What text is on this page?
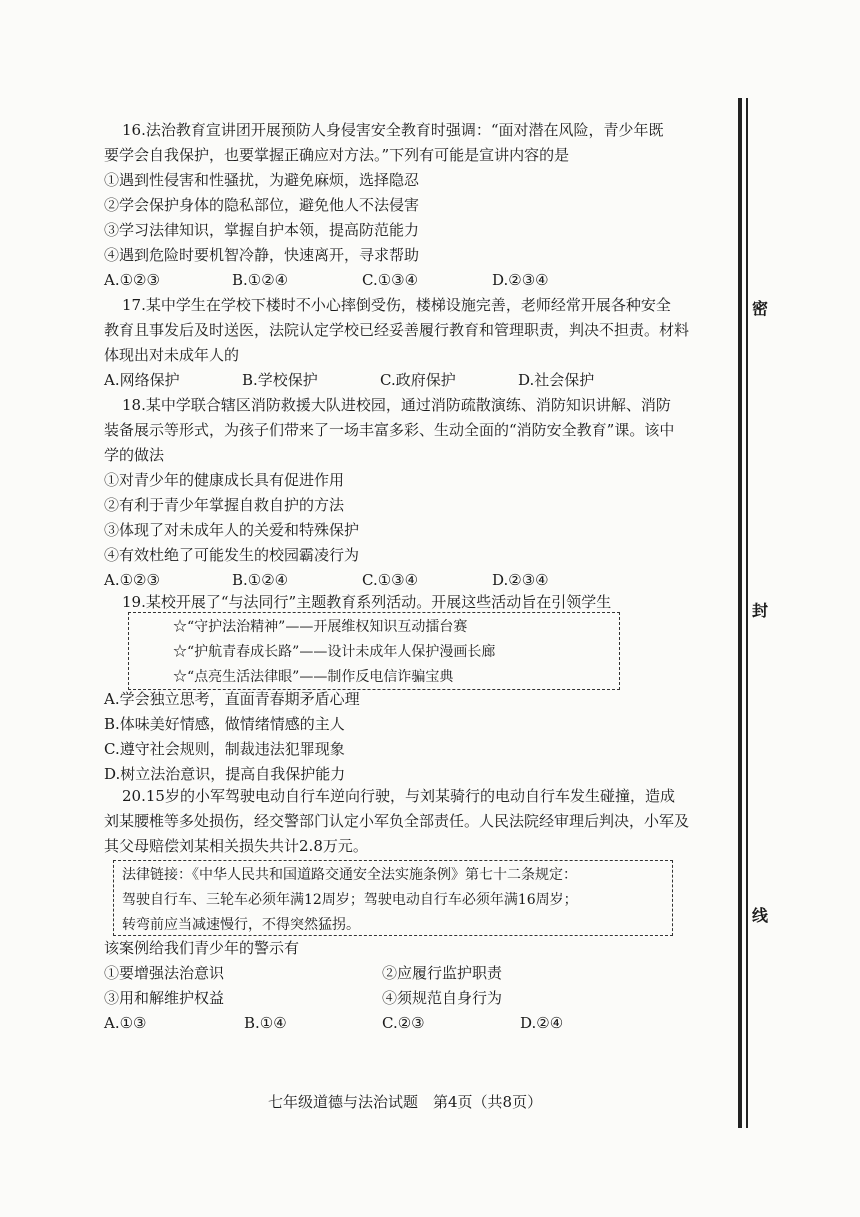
16.法治教育宣讲团开展预防人身侵害安全教育时强调：“面对潜在风险，青少年既
要学会自我保护，也要掌握正确应对方法。”下列有可能是宣讲内容的是
①遇到性侵害和性骚扰，为避免麻烦，选择隐忍
②学会保护身体的隐私部位，避免他人不法侵害
③学习法律知识，掌握自护本领，提高防范能力
④遇到危险时要机智冷静，快速离开，寻求帮助
A.①②③	B.①②④	C.①③④	D.②③④
17.某中学生在学校下楼时不小心摔倒受伤，楼梯设施完善，老师经常开展各种安全
教育且事发后及时送医，法院认定学校已经妥善履行教育和管理职责，判决不担责。材料
体现出对未成年人的
A.网络保护	B.学校保护	C.政府保护	D.社会保护
18.某中学联合辖区消防救援大队进校园，通过消防疏散演练、消防知识讲解、消防
装备展示等形式，为孩子们带来了一场丰富多彩、生动全面的“消防安全教育”课。该中
学的做法
①对青少年的健康成长具有促进作用
②有利于青少年掌握自救自护的方法
③体现了对未成年人的关爱和特殊保护
④有效杜绝了可能发生的校园霸凌行为
A.①②③	B.①②④	C.①③④	D.②③④
19.某校开展了“与法同行”主题教育系列活动。开展这些活动旨在引领学生
☆“守护法治精神”——开展维权知识互动擂台赛
☆“护航青春成长路”——设计未成年人保护漫画长廊
☆“点亮生活法律眼”——制作反电信诈骗宝典
A.学会独立思考，直面青春期矛盾心理
B.体味美好情感，做情绪情感的主人
C.遵守社会规则，制裁违法犯罪现象
D.树立法治意识，提高自我保护能力
20.15岁的小军驾驶电动自行车逆向行驶，与刘某骑行的电动自行车发生碰撞，造成
刘某腰椎等多处损伤，经交警部门认定小军负全部责任。人民法院经审理后判决，小军及
其父母赔偿刘某相关损失共计2.8万元。
法律链接：《中华人民共和国道路交通安全法实施条例》第七十二条规定：
驾驶自行车、三轮车必须年满12周岁；驾驶电动自行车必须年满16周岁；
转弯前应当减速慢行，不得突然猛拐。
该案例给我们青少年的警示有
①要增强法治意识	②应履行监护职责
③用和解维护权益	④须规范自身行为
A.①③	B.①④	C.②③	D.②④
密
封
线
七年级道德与法治试题　第4页（共8页）
